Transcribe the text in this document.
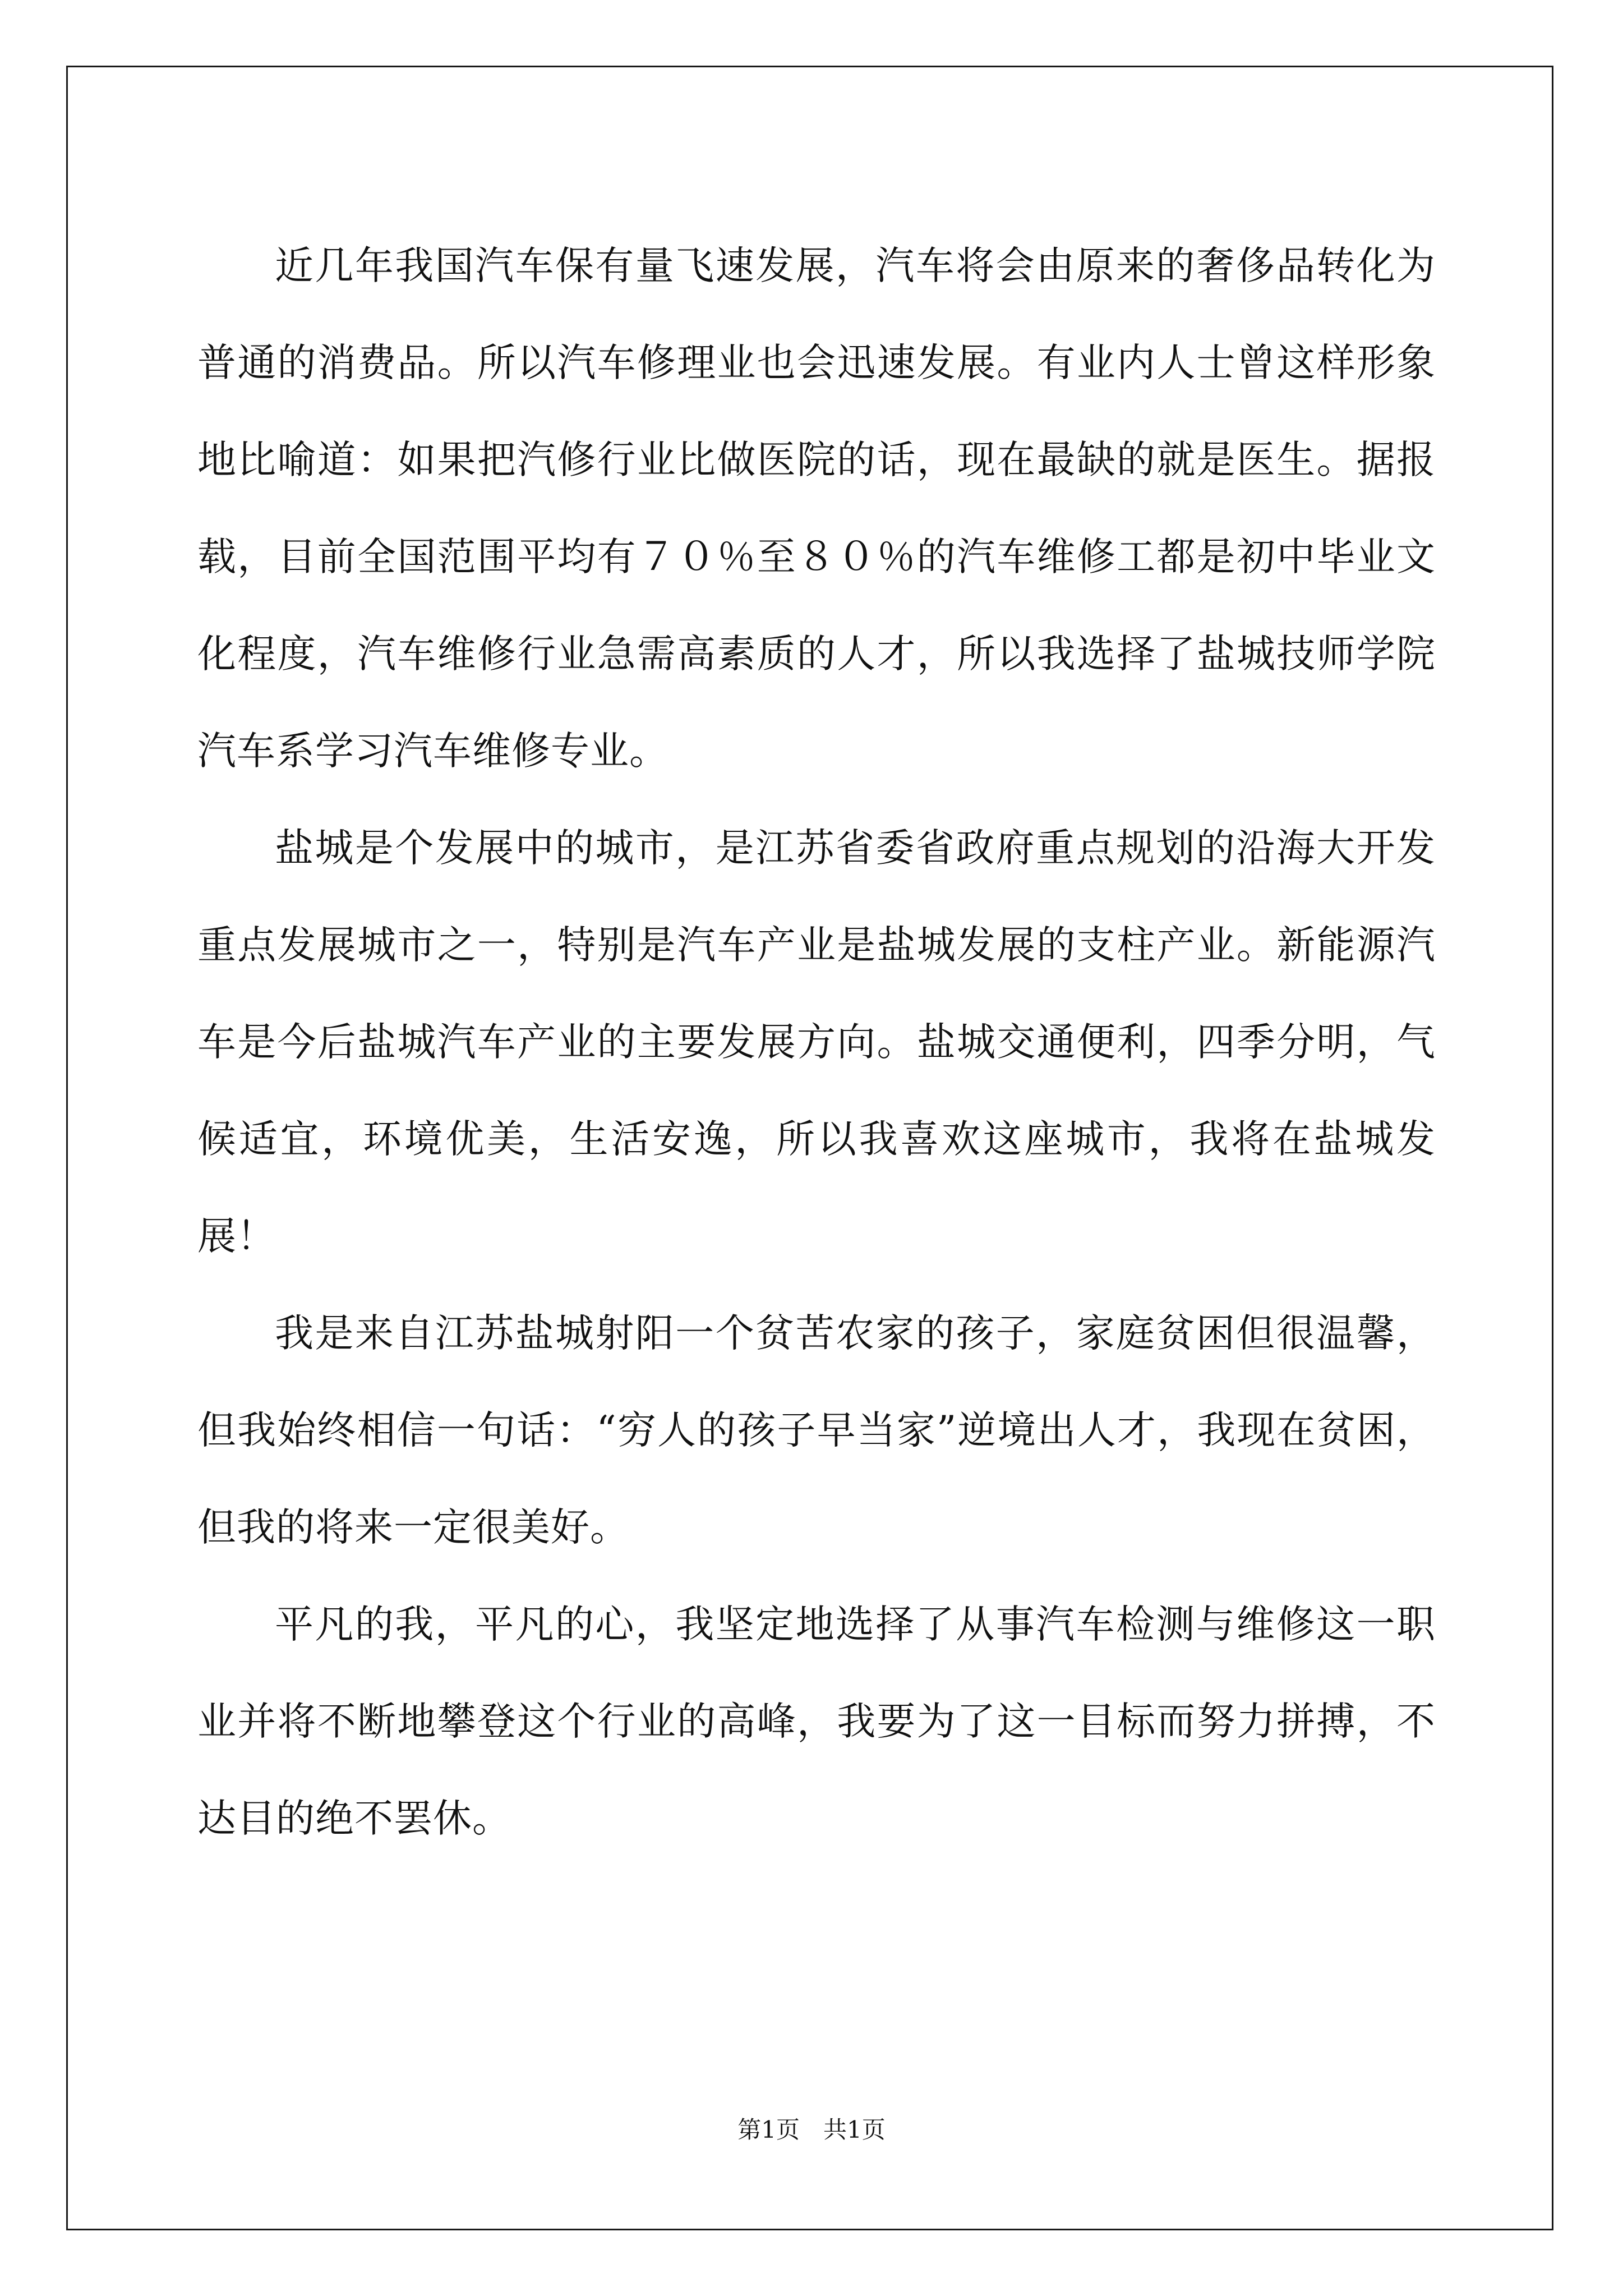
近几年我国汽车保有量飞速发展，汽车将会由原来的奢侈品转化为普通的消费品。所以汽车修理业也会迅速发展。有业内人士曾这样形象地比喻道：如果把汽修行业比做医院的话，现在最缺的就是医生。据报载，目前全国范围平均有７０％至８０％的汽车维修工都是初中毕业文化程度，汽车维修行业急需高素质的人才，所以我选择了盐城技师学院汽车系学习汽车维修专业。

盐城是个发展中的城市，是江苏省委省政府重点规划的沿海大开发重点发展城市之一，特别是汽车产业是盐城发展的支柱产业。新能源汽车是今后盐城汽车产业的主要发展方向。盐城交通便利，四季分明，气候适宜，环境优美，生活安逸，所以我喜欢这座城市，我将在盐城发展！

我是来自江苏盐城射阳一个贫苦农家的孩子，家庭贫困但很温馨，但我始终相信一句话：“穷人的孩子早当家”逆境出人才，我现在贫困，但我的将来一定很美好。

平凡的我，平凡的心，我坚定地选择了从事汽车检测与维修这一职业并将不断地攀登这个行业的高峰，我要为了这一目标而努力拼搏，不达目的绝不罢休。

第1页　共1页
